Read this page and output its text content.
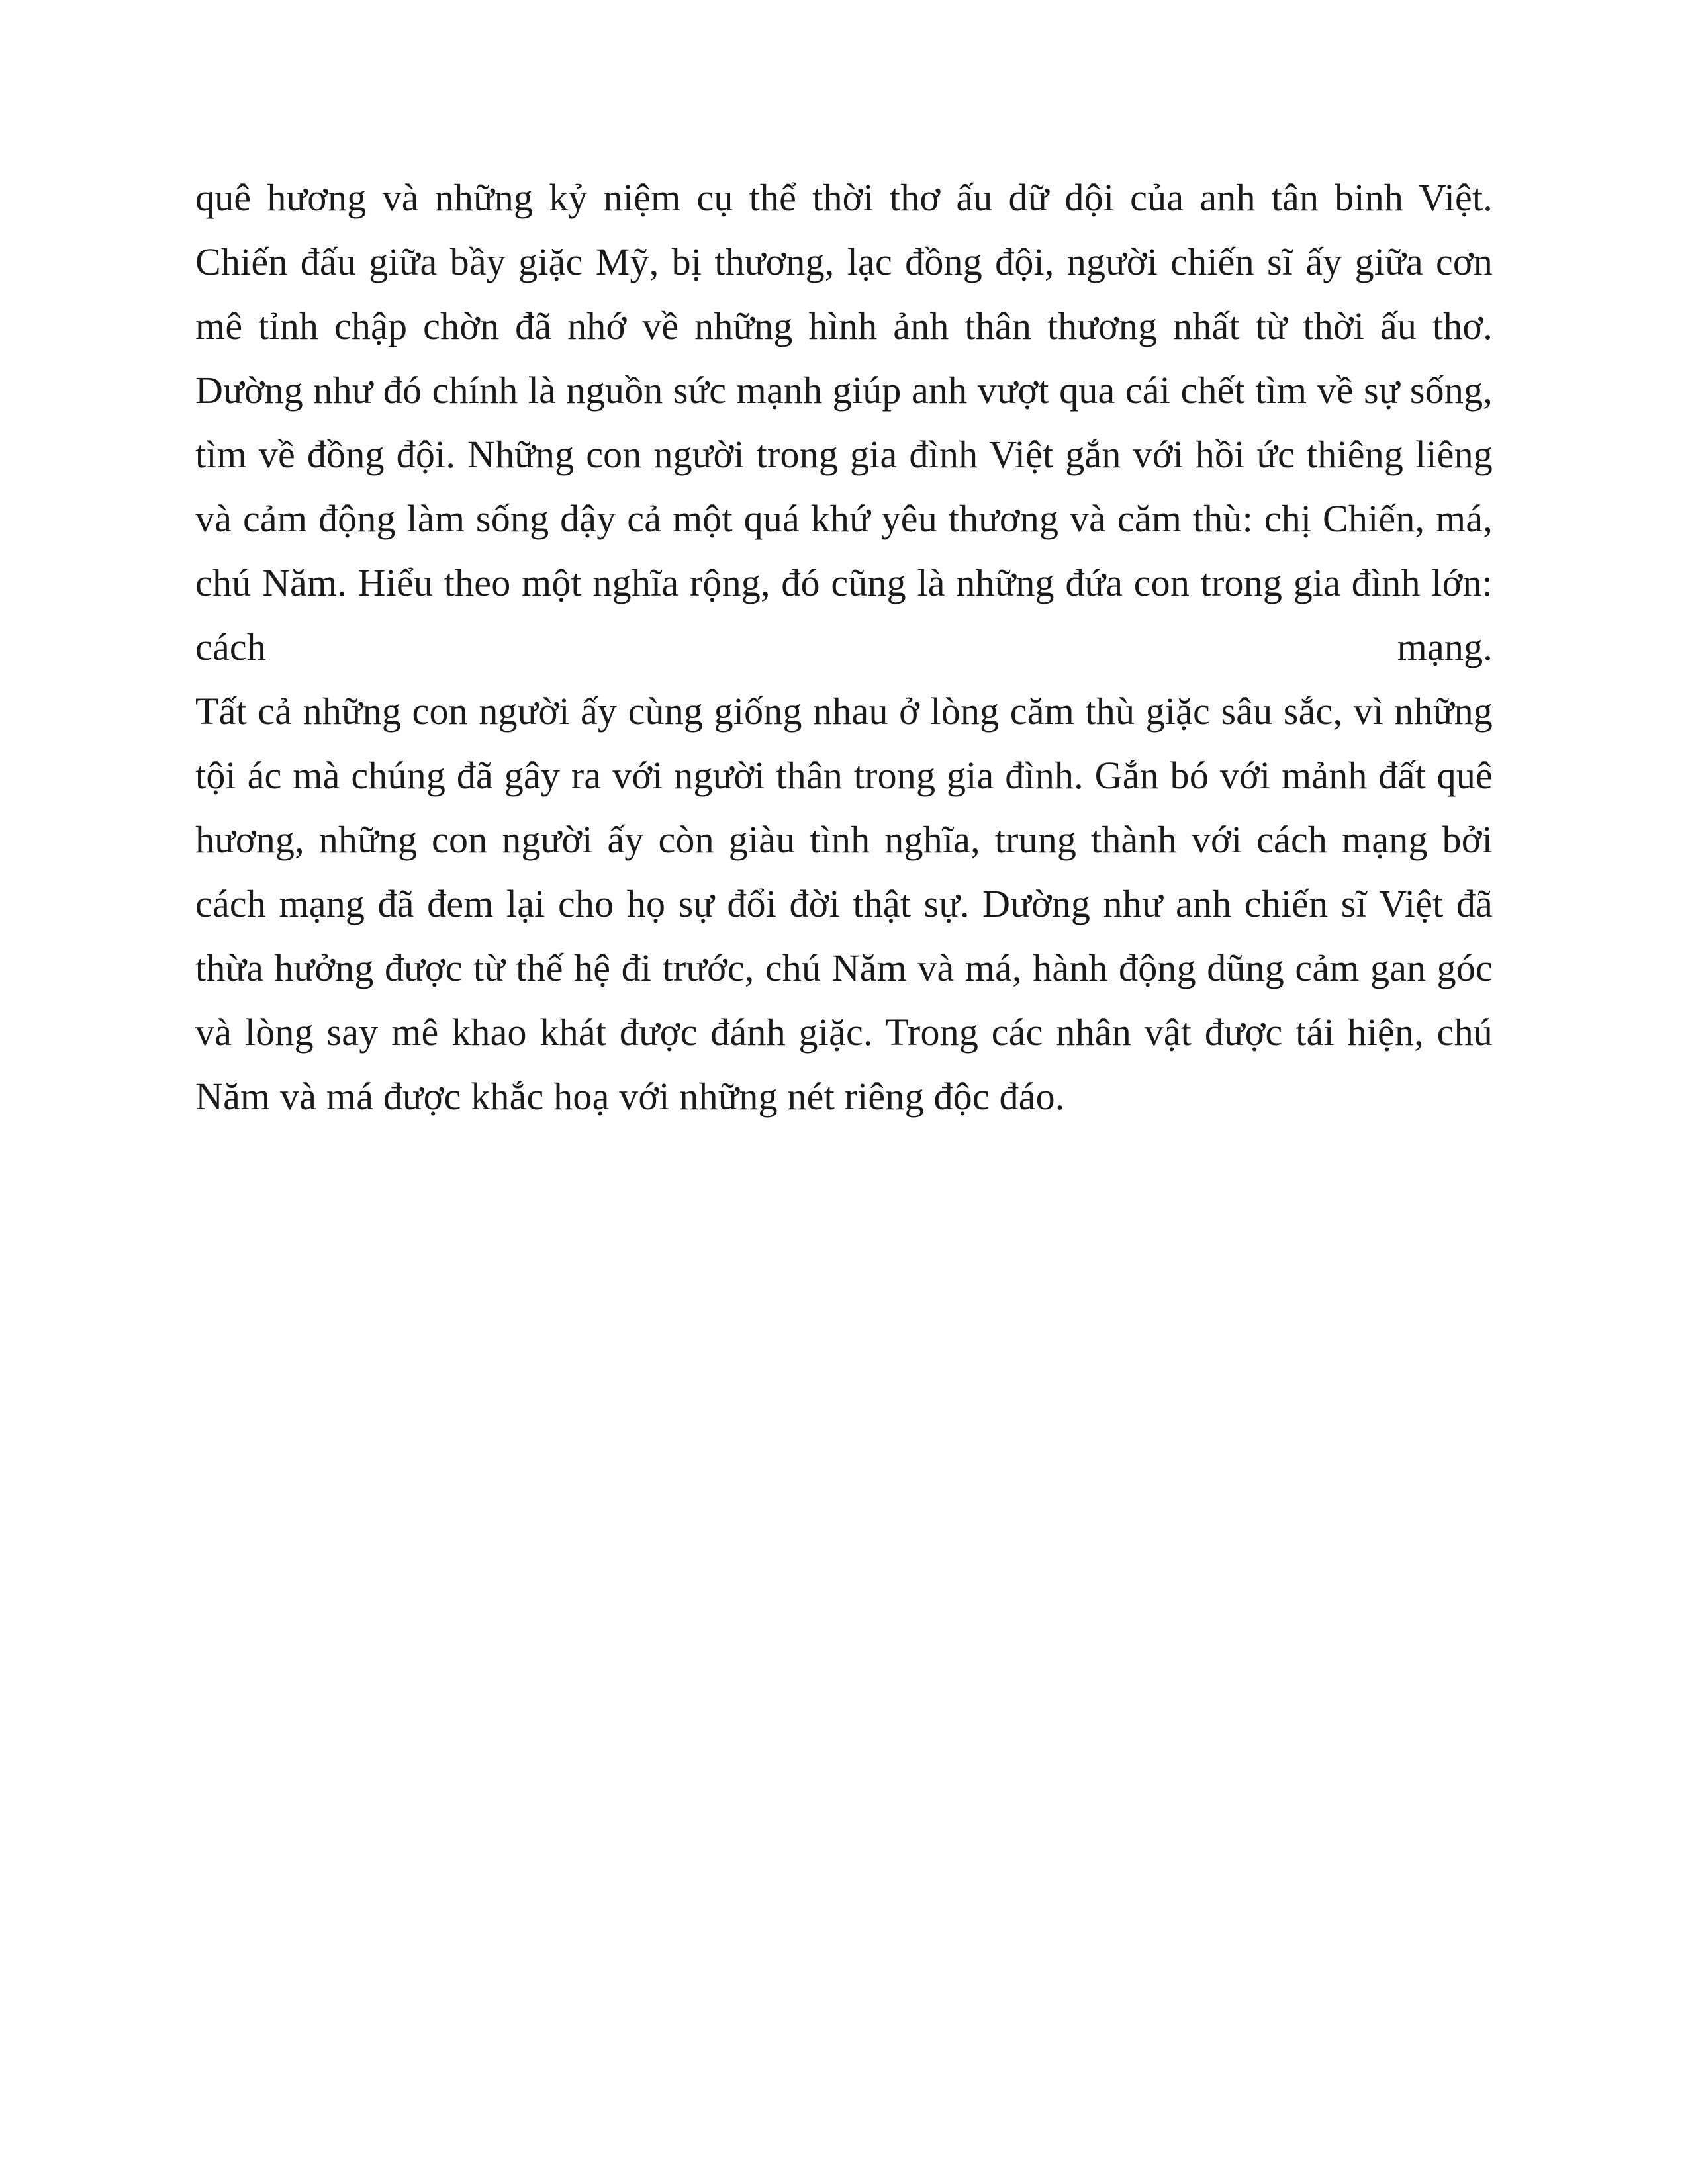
quê hương và những kỷ niệm cụ thể thời thơ ấu dữ dội của anh tân binh Việt.
Chiến đấu giữa bầy giặc Mỹ, bị thương, lạc đồng đội, người chiến sĩ ấy giữa cơn
mê tỉnh chập chờn đã nhớ về những hình ảnh thân thương nhất từ thời ấu thơ.
Dường như đó chính là nguồn sức mạnh giúp anh vượt qua cái chết tìm về sự sống,
tìm về đồng đội. Những con người trong gia đình Việt gắn với hồi ức thiêng liêng
và cảm động làm sống dậy cả một quá khứ yêu thương và căm thù: chị Chiến, má,
chú Năm. Hiểu theo một nghĩa rộng, đó cũng là những đứa con trong gia đình lớn:
cách mạng.
Tất cả những con người ấy cùng giống nhau ở lòng căm thù giặc sâu sắc, vì những
tội ác mà chúng đã gây ra với người thân trong gia đình. Gắn bó với mảnh đất quê
hương, những con người ấy còn giàu tình nghĩa, trung thành với cách mạng bởi
cách mạng đã đem lại cho họ sự đổi đời thật sự. Dường như anh chiến sĩ Việt đã
thừa hưởng được từ thế hệ đi trước, chú Năm và má, hành động dũng cảm gan góc
và lòng say mê khao khát được đánh giặc. Trong các nhân vật được tái hiện, chú
Năm và má được khắc hoạ với những nét riêng độc đáo.
